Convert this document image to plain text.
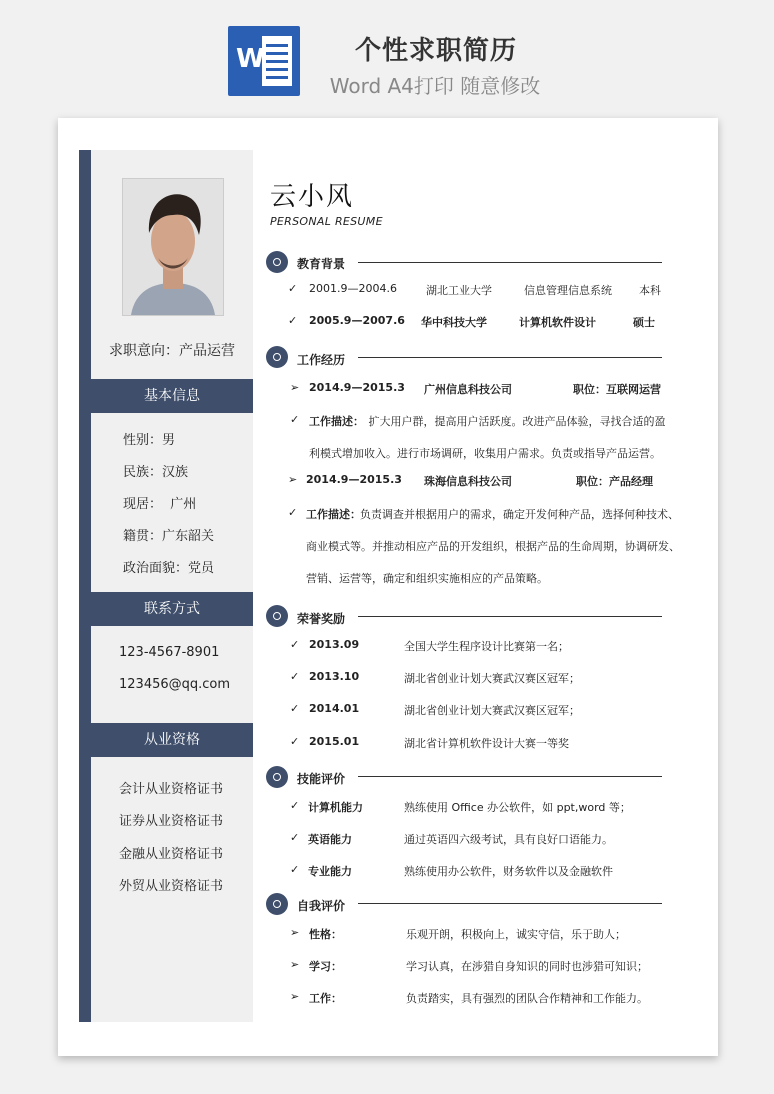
W	个性求职简历
Word A4打印 随意修改
求职意向：产品运营
基本信息
性别：男
民族：汉族
现居：  广州
籍贯：广东韶关
政治面貌：党员
联系方式
123-4567-8901
123456@qq.com
从业资格
会计从业资格证书
证券从业资格证书
金融从业资格证书
外贸从业资格证书
云小风
PERSONAL RESUME
教育背景
✓ 2001.9—2004.6	湖北工业大学	信息管理信息系统 本科
✓ 2005.9—2007.6 华中科技大学	计算机软件设计	硕士
工作经历
➢ 2014.9—2015.3 广州信息科技公司	职位：互联网运营
✓ 工作描述： 扩大用户群，提高用户活跃度。改进产品体验，寻找合适的盈
利模式增加收入。进行市场调研，收集用户需求。负责或指导产品运营。
➢ 2014.9—2015.3 珠海信息科技公司	职位：产品经理
✓ 工作描述： 负责调查并根据用户的需求，确定开发何种产品，选择何种技术、
商业模式等。并推动相应产品的开发组织，根据产品的生命周期，协调研发、
营销、运营等，确定和组织实施相应的产品策略。
荣誉奖励
✓ 2013.09	全国大学生程序设计比赛第一名；
✓ 2013.10	湖北省创业计划大赛武汉赛区冠军；
✓ 2014.01	湖北省创业计划大赛武汉赛区冠军；
✓ 2015.01	湖北省计算机软件设计大赛一等奖
技能评价
✓ 计算机能力	熟练使用 Office 办公软件，如 ppt,word 等；
✓ 英语能力	通过英语四六级考试，具有良好口语能力。
✓ 专业能力	熟练使用办公软件，财务软件以及金融软件
自我评价
➢ 性格：	乐观开朗，积极向上，诚实守信，乐于助人；
➢ 学习：	学习认真，在涉猎自身知识的同时也涉猎可知识；
➢ 工作：	负责踏实，具有强烈的团队合作精神和工作能力。
